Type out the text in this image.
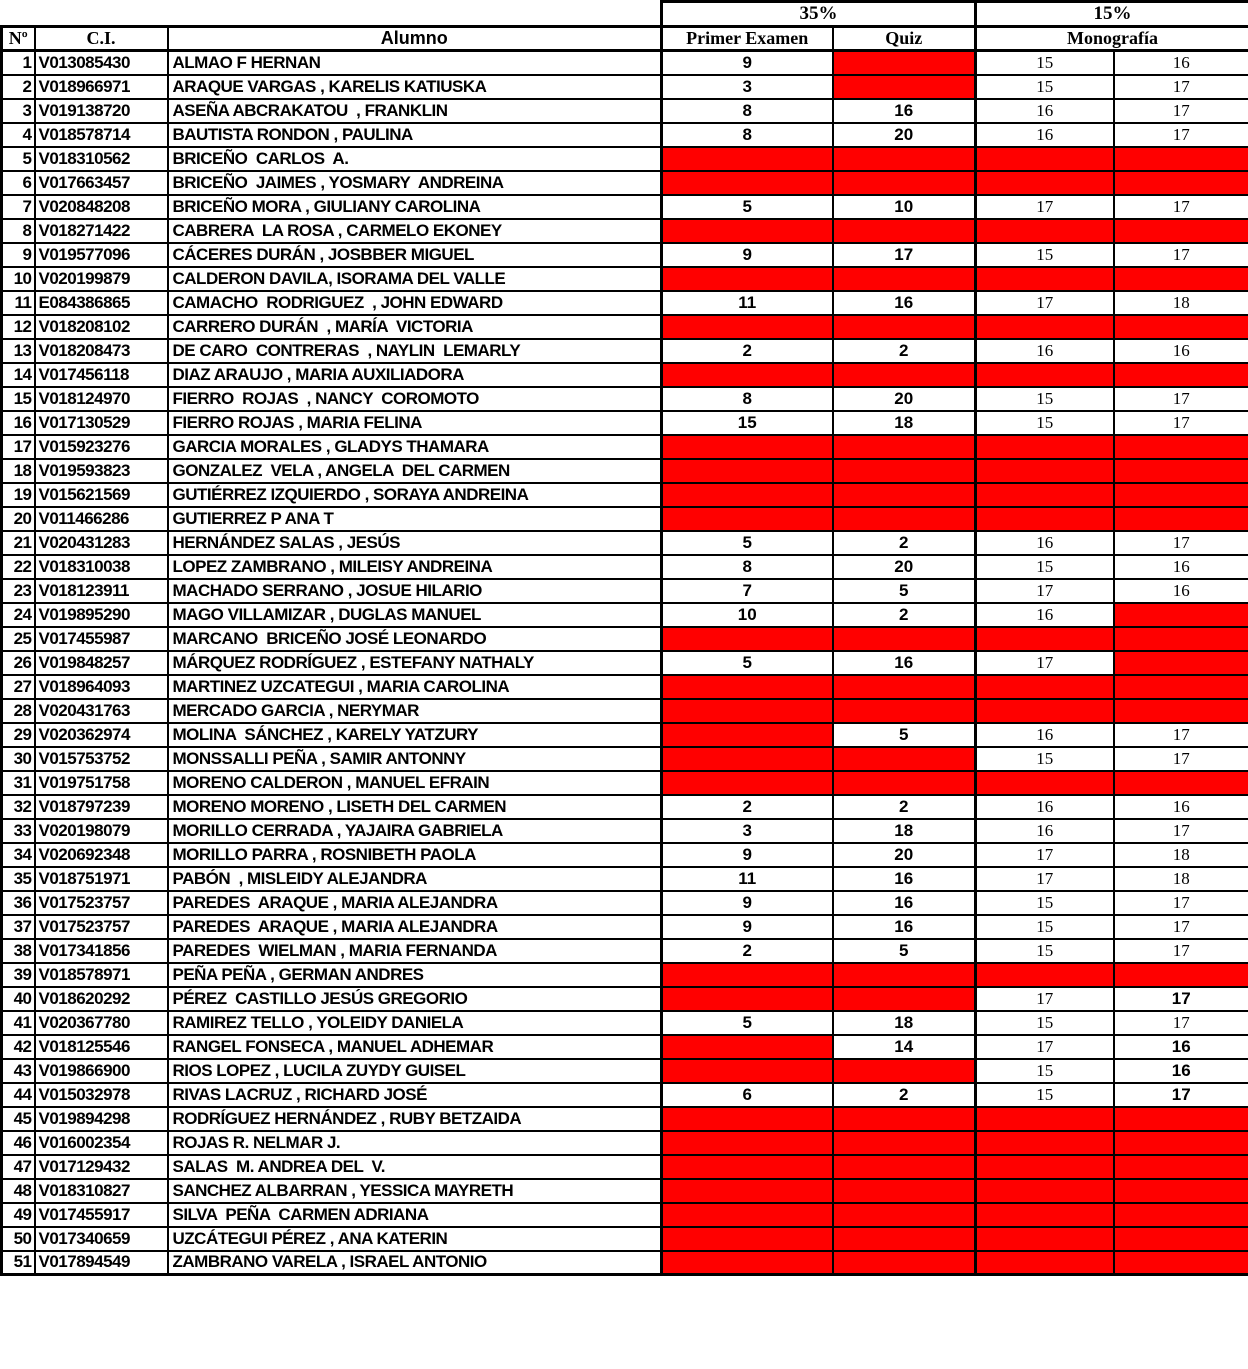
			35%		15%	
Nº	C.I.	Alumno	Primer Examen	Quiz	Monografía	
1	V013085430	ALMAO F HERNAN	9		15	16
2	V018966971	ARAQUE VARGAS , KARELIS KATIUSKA	3		15	17
3	V019138720	ASEÑA ABCRAKATOU  , FRANKLIN	8	16	16	17
4	V018578714	BAUTISTA RONDON , PAULINA	8	20	16	17
5	V018310562	BRICEÑO  CARLOS  A.				
6	V017663457	BRICEÑO  JAIMES , YOSMARY  ANDREINA				
7	V020848208	BRICEÑO MORA , GIULIANY CAROLINA	5	10	17	17
8	V018271422	CABRERA  LA ROSA , CARMELO EKONEY				
9	V019577096	CÁCERES DURÁN , JOSBBER MIGUEL	9	17	15	17
10	V020199879	CALDERON DAVILA, ISORAMA DEL VALLE				
11	E084386865	CAMACHO  RODRIGUEZ  , JOHN EDWARD	11	16	17	18
12	V018208102	CARRERO DURÁN  , MARÍA  VICTORIA				
13	V018208473	DE CARO  CONTRERAS  , NAYLIN  LEMARLY	2	2	16	16
14	V017456118	DIAZ ARAUJO , MARIA AUXILIADORA				
15	V018124970	FIERRO  ROJAS  , NANCY  COROMOTO	8	20	15	17
16	V017130529	FIERRO ROJAS , MARIA FELINA	15	18	15	17
17	V015923276	GARCIA MORALES , GLADYS THAMARA				
18	V019593823	GONZALEZ  VELA , ANGELA  DEL CARMEN				
19	V015621569	GUTIÉRREZ IZQUIERDO , SORAYA ANDREINA				
20	V011466286	GUTIERREZ P ANA T				
21	V020431283	HERNÁNDEZ SALAS , JESÚS	5	2	16	17
22	V018310038	LOPEZ ZAMBRANO , MILEISY ANDREINA	8	20	15	16
23	V018123911	MACHADO SERRANO , JOSUE HILARIO	7	5	17	16
24	V019895290	MAGO VILLAMIZAR , DUGLAS MANUEL	10	2	16	
25	V017455987	MARCANO  BRICEÑO JOSÉ LEONARDO				
26	V019848257	MÁRQUEZ RODRÍGUEZ , ESTEFANY NATHALY	5	16	17	
27	V018964093	MARTINEZ UZCATEGUI , MARIA CAROLINA				
28	V020431763	MERCADO GARCIA , NERYMAR				
29	V020362974	MOLINA  SÁNCHEZ , KARELY YATZURY		5	16	17
30	V015753752	MONSSALLI PEÑA , SAMIR ANTONNY			15	17
31	V019751758	MORENO CALDERON , MANUEL EFRAIN				
32	V018797239	MORENO MORENO , LISETH DEL CARMEN	2	2	16	16
33	V020198079	MORILLO CERRADA , YAJAIRA GABRIELA	3	18	16	17
34	V020692348	MORILLO PARRA , ROSNIBETH PAOLA	9	20	17	18
35	V018751971	PABÓN  , MISLEIDY ALEJANDRA	11	16	17	18
36	V017523757	PAREDES  ARAQUE , MARIA ALEJANDRA	9	16	15	17
37	V017523757	PAREDES  ARAQUE , MARIA ALEJANDRA	9	16	15	17
38	V017341856	PAREDES  WIELMAN , MARIA FERNANDA	2	5	15	17
39	V018578971	PEÑA PEÑA , GERMAN ANDRES				
40	V018620292	PÉREZ  CASTILLO JESÚS GREGORIO			17	17
41	V020367780	RAMIREZ TELLO , YOLEIDY DANIELA	5	18	15	17
42	V018125546	RANGEL FONSECA , MANUEL ADHEMAR		14	17	16
43	V019866900	RIOS LOPEZ , LUCILA ZUYDY GUISEL			15	16
44	V015032978	RIVAS LACRUZ , RICHARD JOSÉ	6	2	15	17
45	V019894298	RODRÍGUEZ HERNÁNDEZ , RUBY BETZAIDA				
46	V016002354	ROJAS R. NELMAR J.				
47	V017129432	SALAS  M. ANDREA DEL  V.				
48	V018310827	SANCHEZ ALBARRAN , YESSICA MAYRETH				
49	V017455917	SILVA  PEÑA  CARMEN ADRIANA				
50	V017340659	UZCÁTEGUI PÉREZ , ANA KATERIN				
51	V017894549	ZAMBRANO VARELA , ISRAEL ANTONIO				
